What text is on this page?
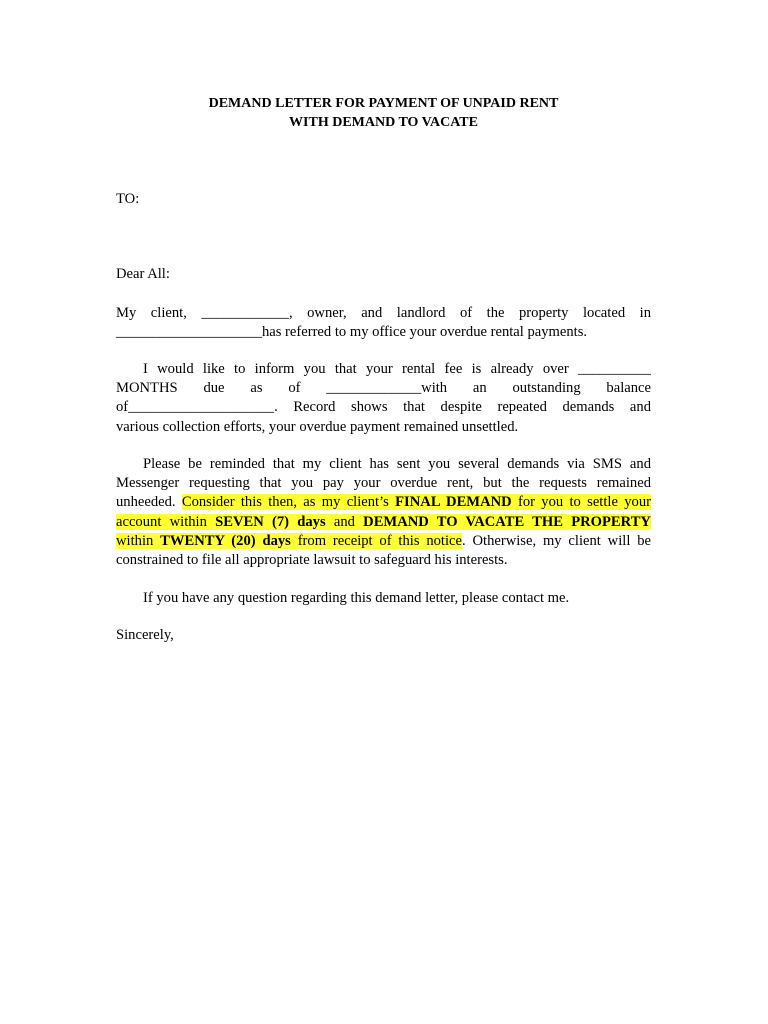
DEMAND LETTER FOR PAYMENT OF UNPAID RENT
WITH DEMAND TO VACATE
TO:
Dear All:
My client, ____________, owner, and landlord of the property located in
____________________has referred to my office your overdue rental payments.
I would like to inform you that your rental fee is already over __________
MONTHS due as of _____________with an outstanding balance
of____________________. Record shows that despite repeated demands and
various collection efforts, your overdue payment remained unsettled.
Please be reminded that my client has sent you several demands via SMS and
Messenger requesting that you pay your overdue rent, but the requests remained
unheeded. Consider this then, as my client’s FINAL DEMAND for you to settle your
account within SEVEN (7) days and DEMAND TO VACATE THE PROPERTY
within TWENTY (20) days from receipt of this notice. Otherwise, my client will be
constrained to file all appropriate lawsuit to safeguard his interests.
If you have any question regarding this demand letter, please contact me.
Sincerely,
